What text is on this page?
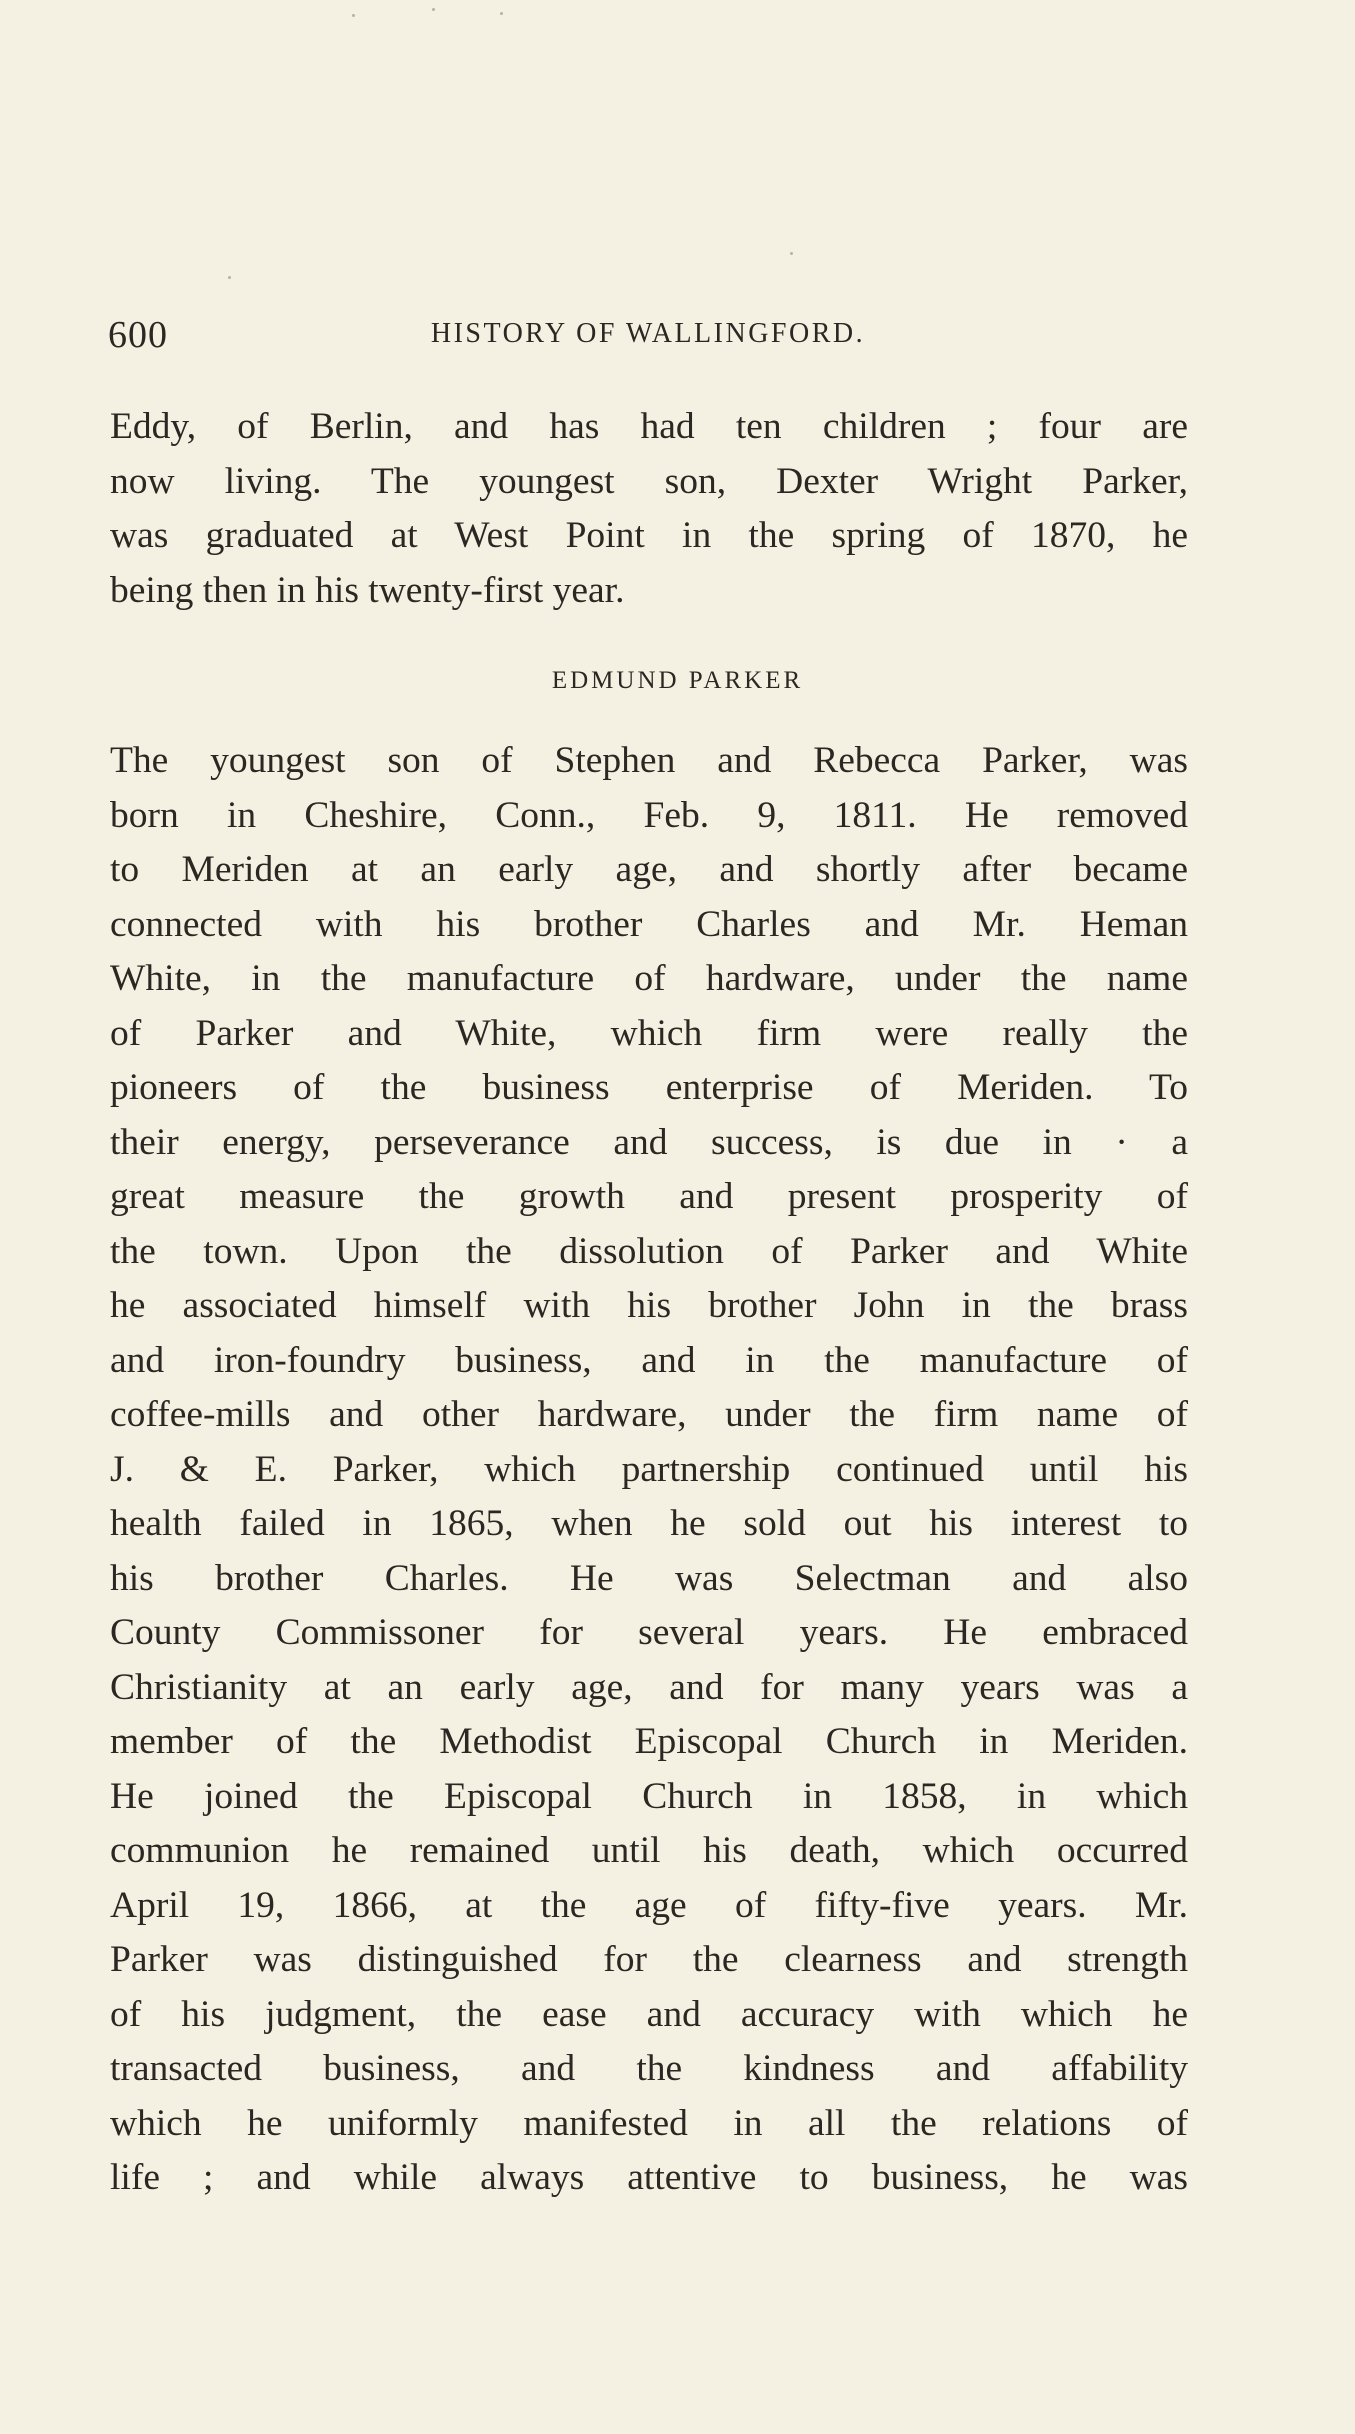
600	HISTORY OF WALLINGFORD.
Eddy, of Berlin, and has had ten children ; four are
now living. The youngest son, Dexter Wright Parker,
was graduated at West Point in the spring of 1870, he
being then in his twenty-first year.
EDMUND PARKER
The youngest son of Stephen and Rebecca Parker, was
born in Cheshire, Conn., Feb. 9, 1811. He removed
to Meriden at an early age, and shortly after became
connected with his brother Charles and Mr. Heman
White, in the manufacture of hardware, under the name
of Parker and White, which firm were really the
pioneers of the business enterprise of Meriden. To
their energy, perseverance and success, is due in · a
great measure the growth and present prosperity of
the town. Upon the dissolution of Parker and White
he associated himself with his brother John in the brass
and iron-foundry business, and in the manufacture of
coffee-mills and other hardware, under the firm name of
J. & E. Parker, which partnership continued until his
health failed in 1865, when he sold out his interest to
his brother Charles. He was Selectman and also
County Commissoner for several years. He embraced
Christianity at an early age, and for many years was a
member of the Methodist Episcopal Church in Meriden.
He joined the Episcopal Church in 1858, in which
communion he remained until his death, which occurred
April 19, 1866, at the age of fifty-five years. Mr.
Parker was distinguished for the clearness and strength
of his judgment, the ease and accuracy with which he
transacted business, and the kindness and affability
which he uniformly manifested in all the relations of
life ; and while always attentive to business, he was
